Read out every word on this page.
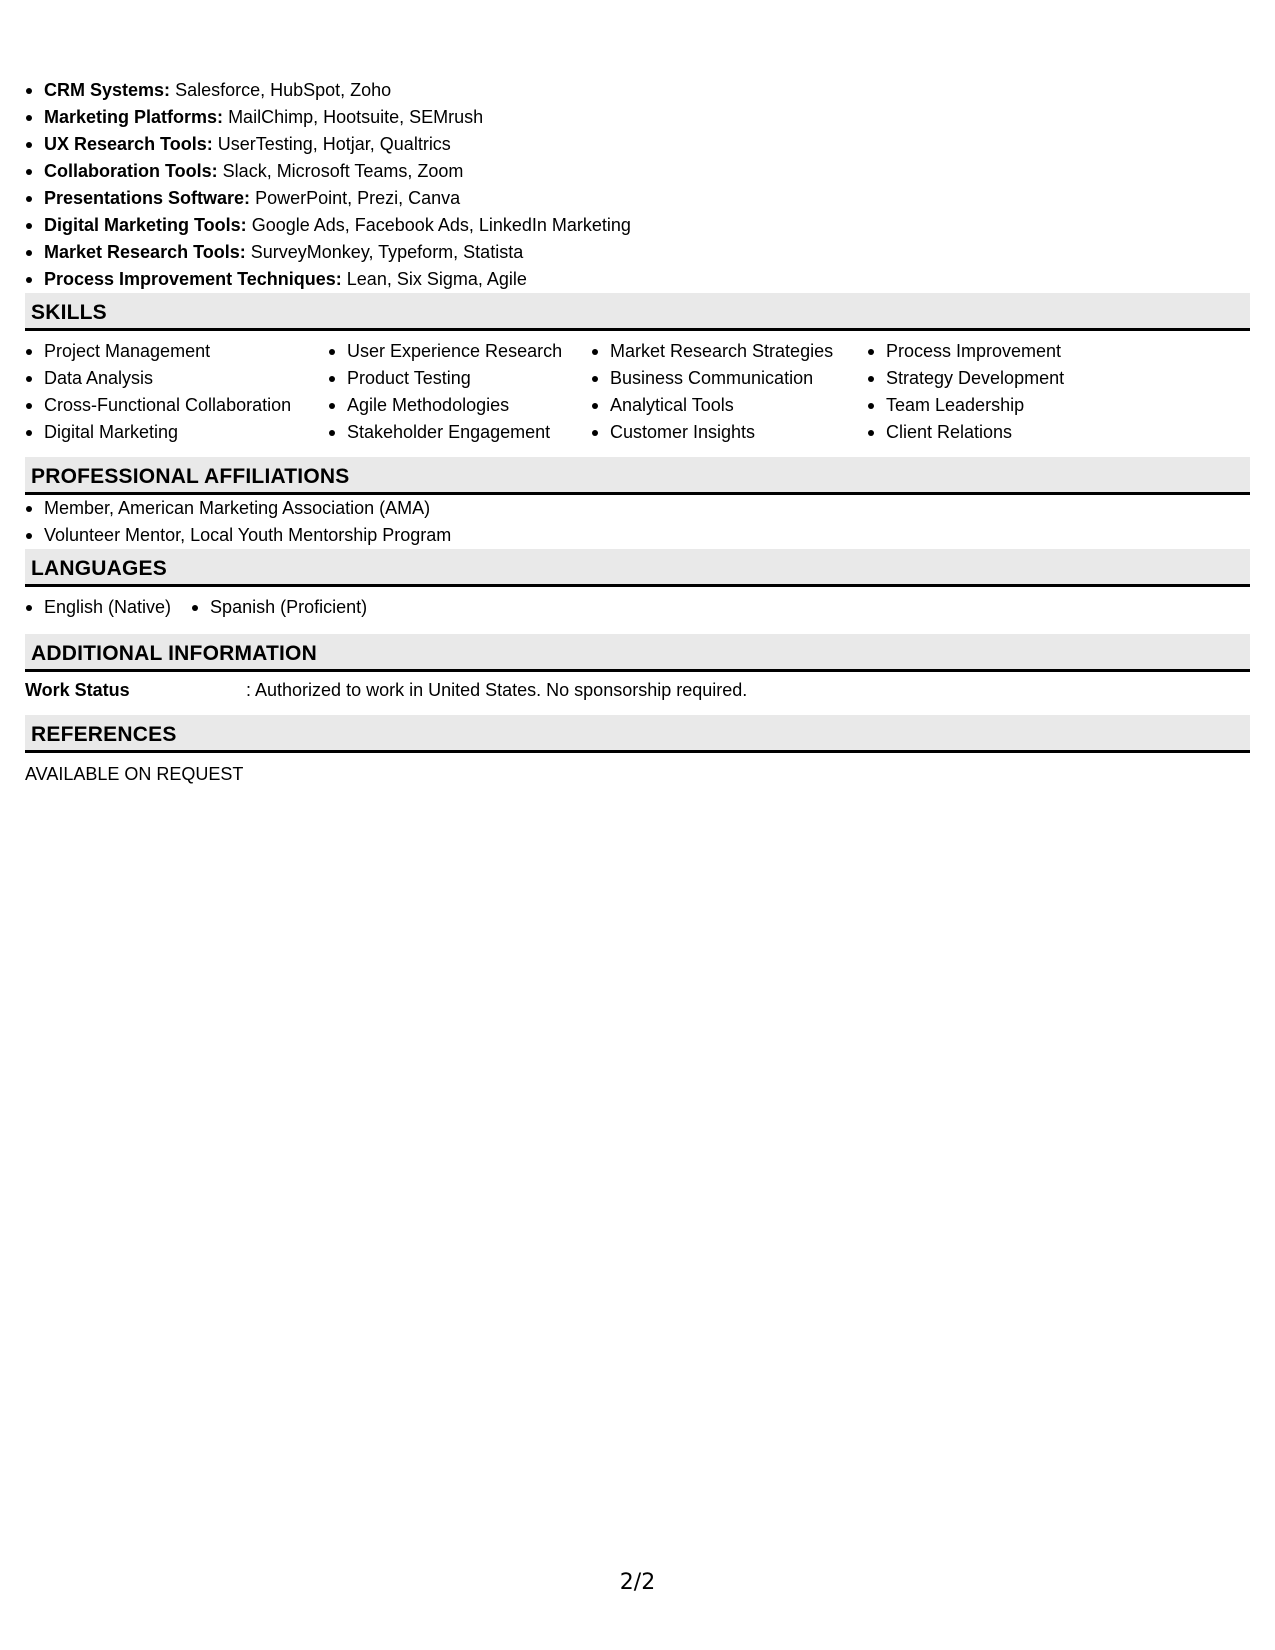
CRM Systems: Salesforce, HubSpot, Zoho
Marketing Platforms: MailChimp, Hootsuite, SEMrush
UX Research Tools: UserTesting, Hotjar, Qualtrics
Collaboration Tools: Slack, Microsoft Teams, Zoom
Presentations Software: PowerPoint, Prezi, Canva
Digital Marketing Tools: Google Ads, Facebook Ads, LinkedIn Marketing
Market Research Tools: SurveyMonkey, Typeform, Statista
Process Improvement Techniques: Lean, Six Sigma, Agile
SKILLS
Project Management
Data Analysis
Cross-Functional Collaboration
Digital Marketing
User Experience Research
Product Testing
Agile Methodologies
Stakeholder Engagement
Market Research Strategies
Business Communication
Analytical Tools
Customer Insights
Process Improvement
Strategy Development
Team Leadership
Client Relations
PROFESSIONAL AFFILIATIONS
Member, American Marketing Association (AMA)
Volunteer Mentor, Local Youth Mentorship Program
LANGUAGES
English (Native)	Spanish (Proficient)
ADDITIONAL INFORMATION
Work Status	: Authorized to work in United States. No sponsorship required.
REFERENCES
AVAILABLE ON REQUEST
2/2
